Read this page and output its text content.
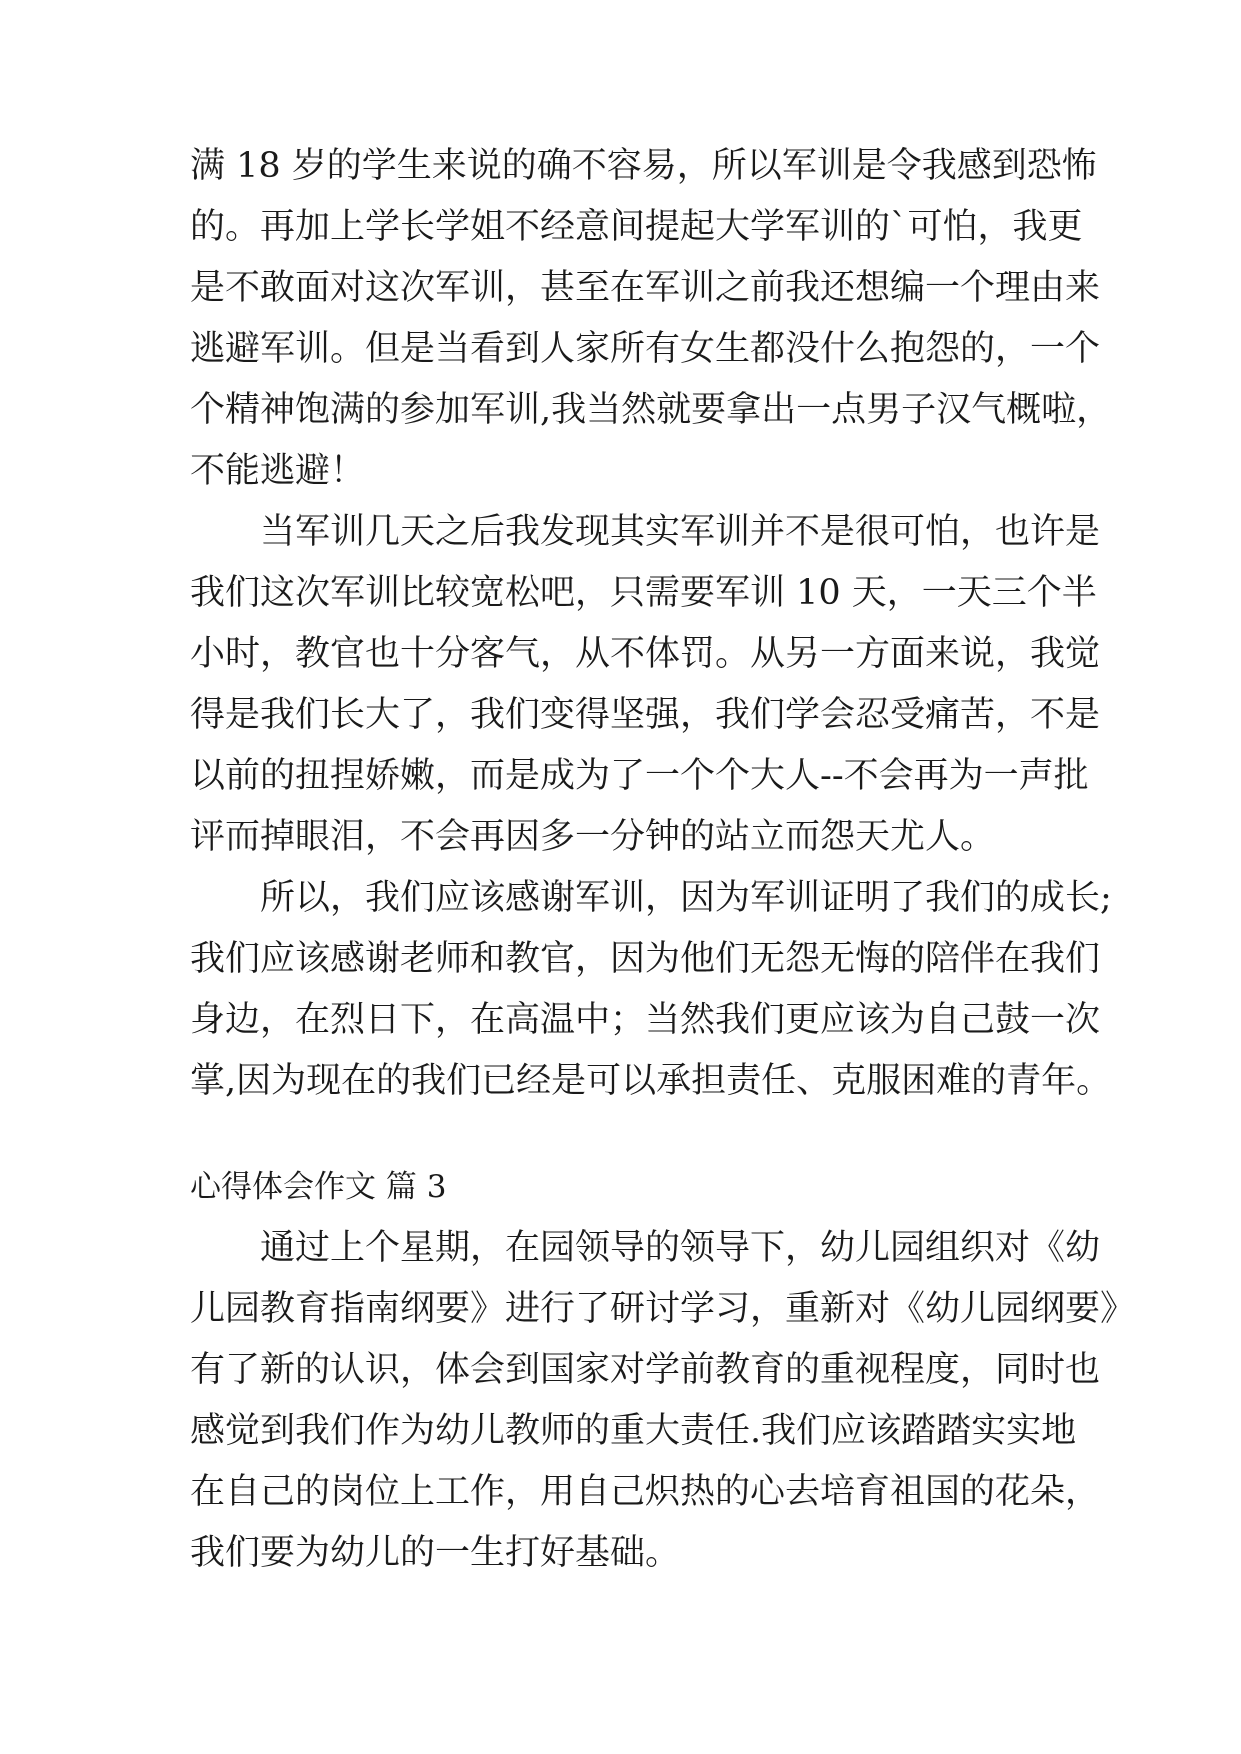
满 18 岁的学生来说的确不容易，所以军训是令我感到恐怖
的。再加上学长学姐不经意间提起大学军训的`可怕，我更
是不敢面对这次军训，甚至在军训之前我还想编一个理由来
逃避军训。但是当看到人家所有女生都没什么抱怨的，一个
个精神饱满的参加军训,我当然就要拿出一点男子汉气概啦，
不能逃避！
当军训几天之后我发现其实军训并不是很可怕，也许是
我们这次军训比较宽松吧，只需要军训 10 天，一天三个半
小时，教官也十分客气，从不体罚。从另一方面来说，我觉
得是我们长大了，我们变得坚强，我们学会忍受痛苦，不是
以前的扭捏娇嫩，而是成为了一个个大人--不会再为一声批
评而掉眼泪，不会再因多一分钟的站立而怨天尤人。
所以，我们应该感谢军训，因为军训证明了我们的成长;
我们应该感谢老师和教官，因为他们无怨无悔的陪伴在我们
身边，在烈日下，在高温中；当然我们更应该为自己鼓一次
掌,因为现在的我们已经是可以承担责任、克服困难的青年。
心得体会作文 篇 3
通过上个星期，在园领导的领导下，幼儿园组织对《幼
儿园教育指南纲要》进行了研讨学习，重新对《幼儿园纲要》
有了新的认识，体会到国家对学前教育的重视程度，同时也
感觉到我们作为幼儿教师的重大责任.我们应该踏踏实实地
在自己的岗位上工作，用自己炽热的心去培育祖国的花朵，
我们要为幼儿的一生打好基础。
